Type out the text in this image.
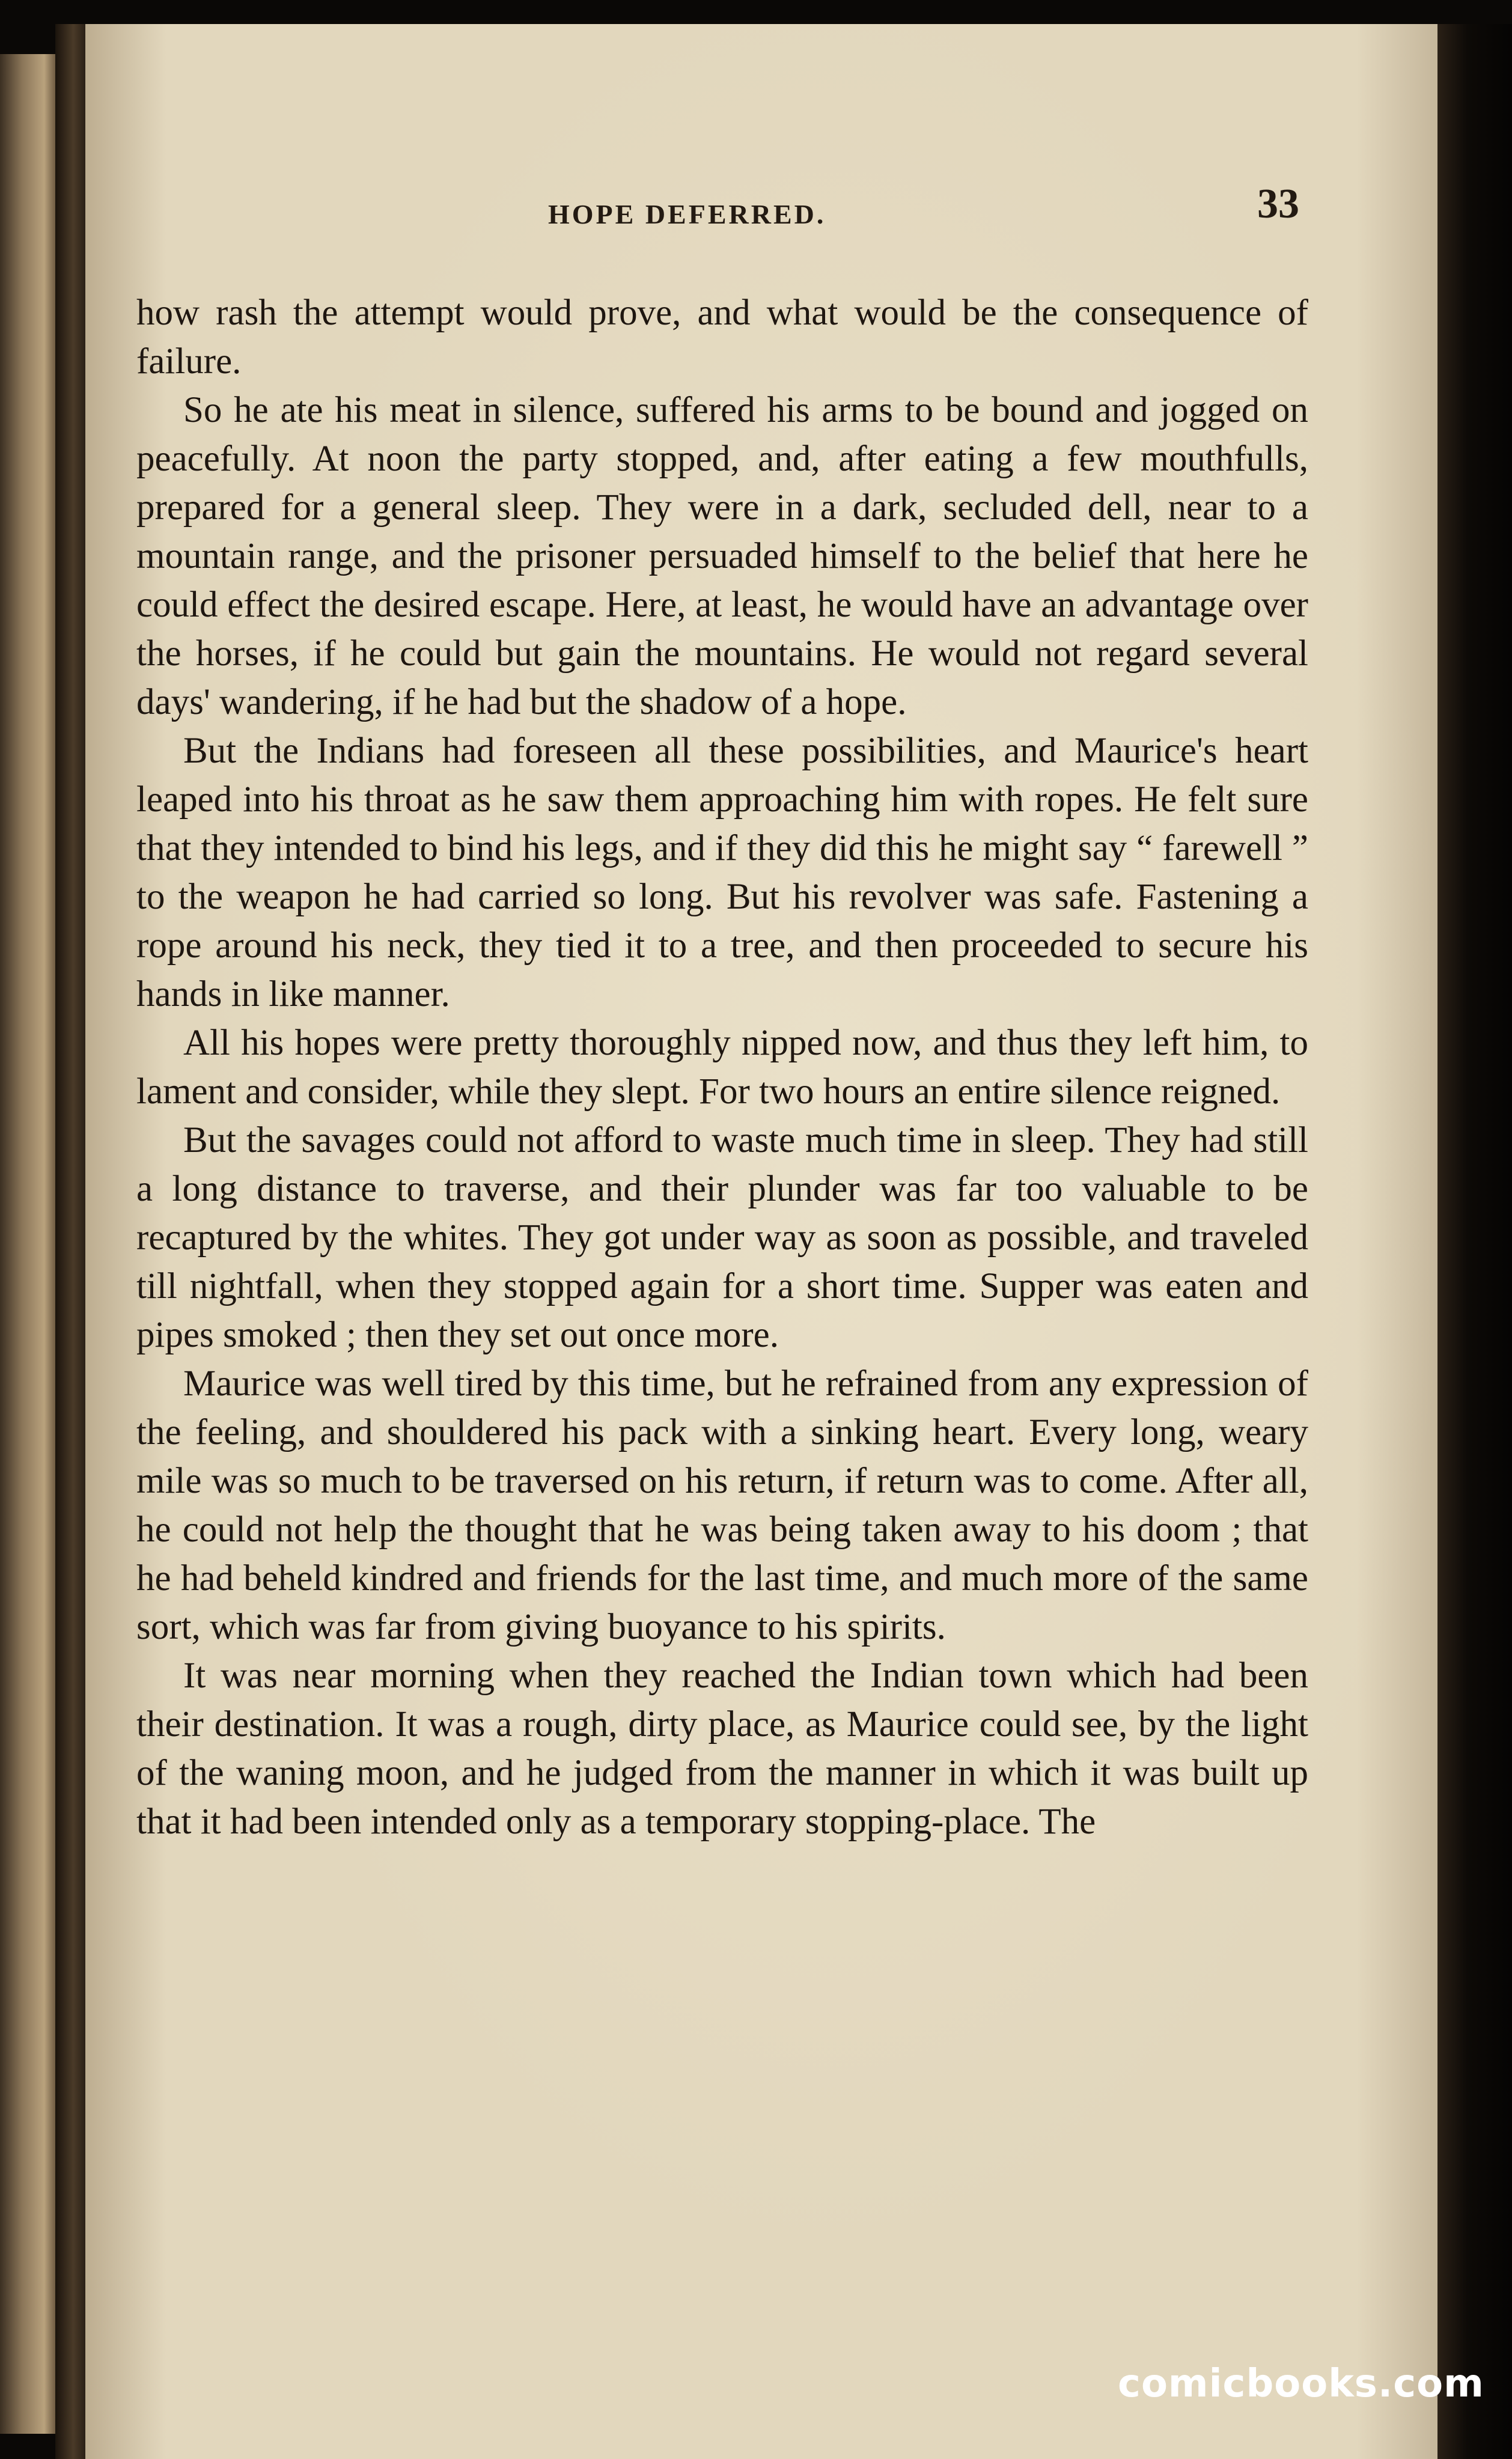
HOPE DEFERRED.	33

how rash the attempt would prove, and what would be the consequence of failure.

So he ate his meat in silence, suffered his arms to be bound and jogged on peacefully. At noon the party stopped, and, after eating a few mouthfulls, prepared for a general sleep. They were in a dark, secluded dell, near to a mountain range, and the prisoner persuaded himself to the belief that here he could effect the desired escape. Here, at least, he would have an advantage over the horses, if he could but gain the mountains. He would not regard several days' wandering, if he had but the shadow of a hope.

But the Indians had foreseen all these possibilities, and Maurice's heart leaped into his throat as he saw them approaching him with ropes. He felt sure that they intended to bind his legs, and if they did this he might say “ farewell ” to the weapon he had carried so long. But his revolver was safe. Fastening a rope around his neck, they tied it to a tree, and then proceeded to secure his hands in like manner.

All his hopes were pretty thoroughly nipped now, and thus they left him, to lament and consider, while they slept. For two hours an entire silence reigned.

But the savages could not afford to waste much time in sleep. They had still a long distance to traverse, and their plunder was far too valuable to be recaptured by the whites. They got under way as soon as possible, and traveled till nightfall, when they stopped again for a short time. Supper was eaten and pipes smoked ; then they set out once more.

Maurice was well tired by this time, but he refrained from any expression of the feeling, and shouldered his pack with a sinking heart. Every long, weary mile was so much to be traversed on his return, if return was to come. After all, he could not help the thought that he was being taken away to his doom ; that he had beheld kindred and friends for the last time, and much more of the same sort, which was far from giving buoyance to his spirits.

It was near morning when they reached the Indian town which had been their destination. It was a rough, dirty place, as Maurice could see, by the light of the waning moon, and he judged from the manner in which it was built up that it had been intended only as a temporary stopping-place. The

comicbooks.com
